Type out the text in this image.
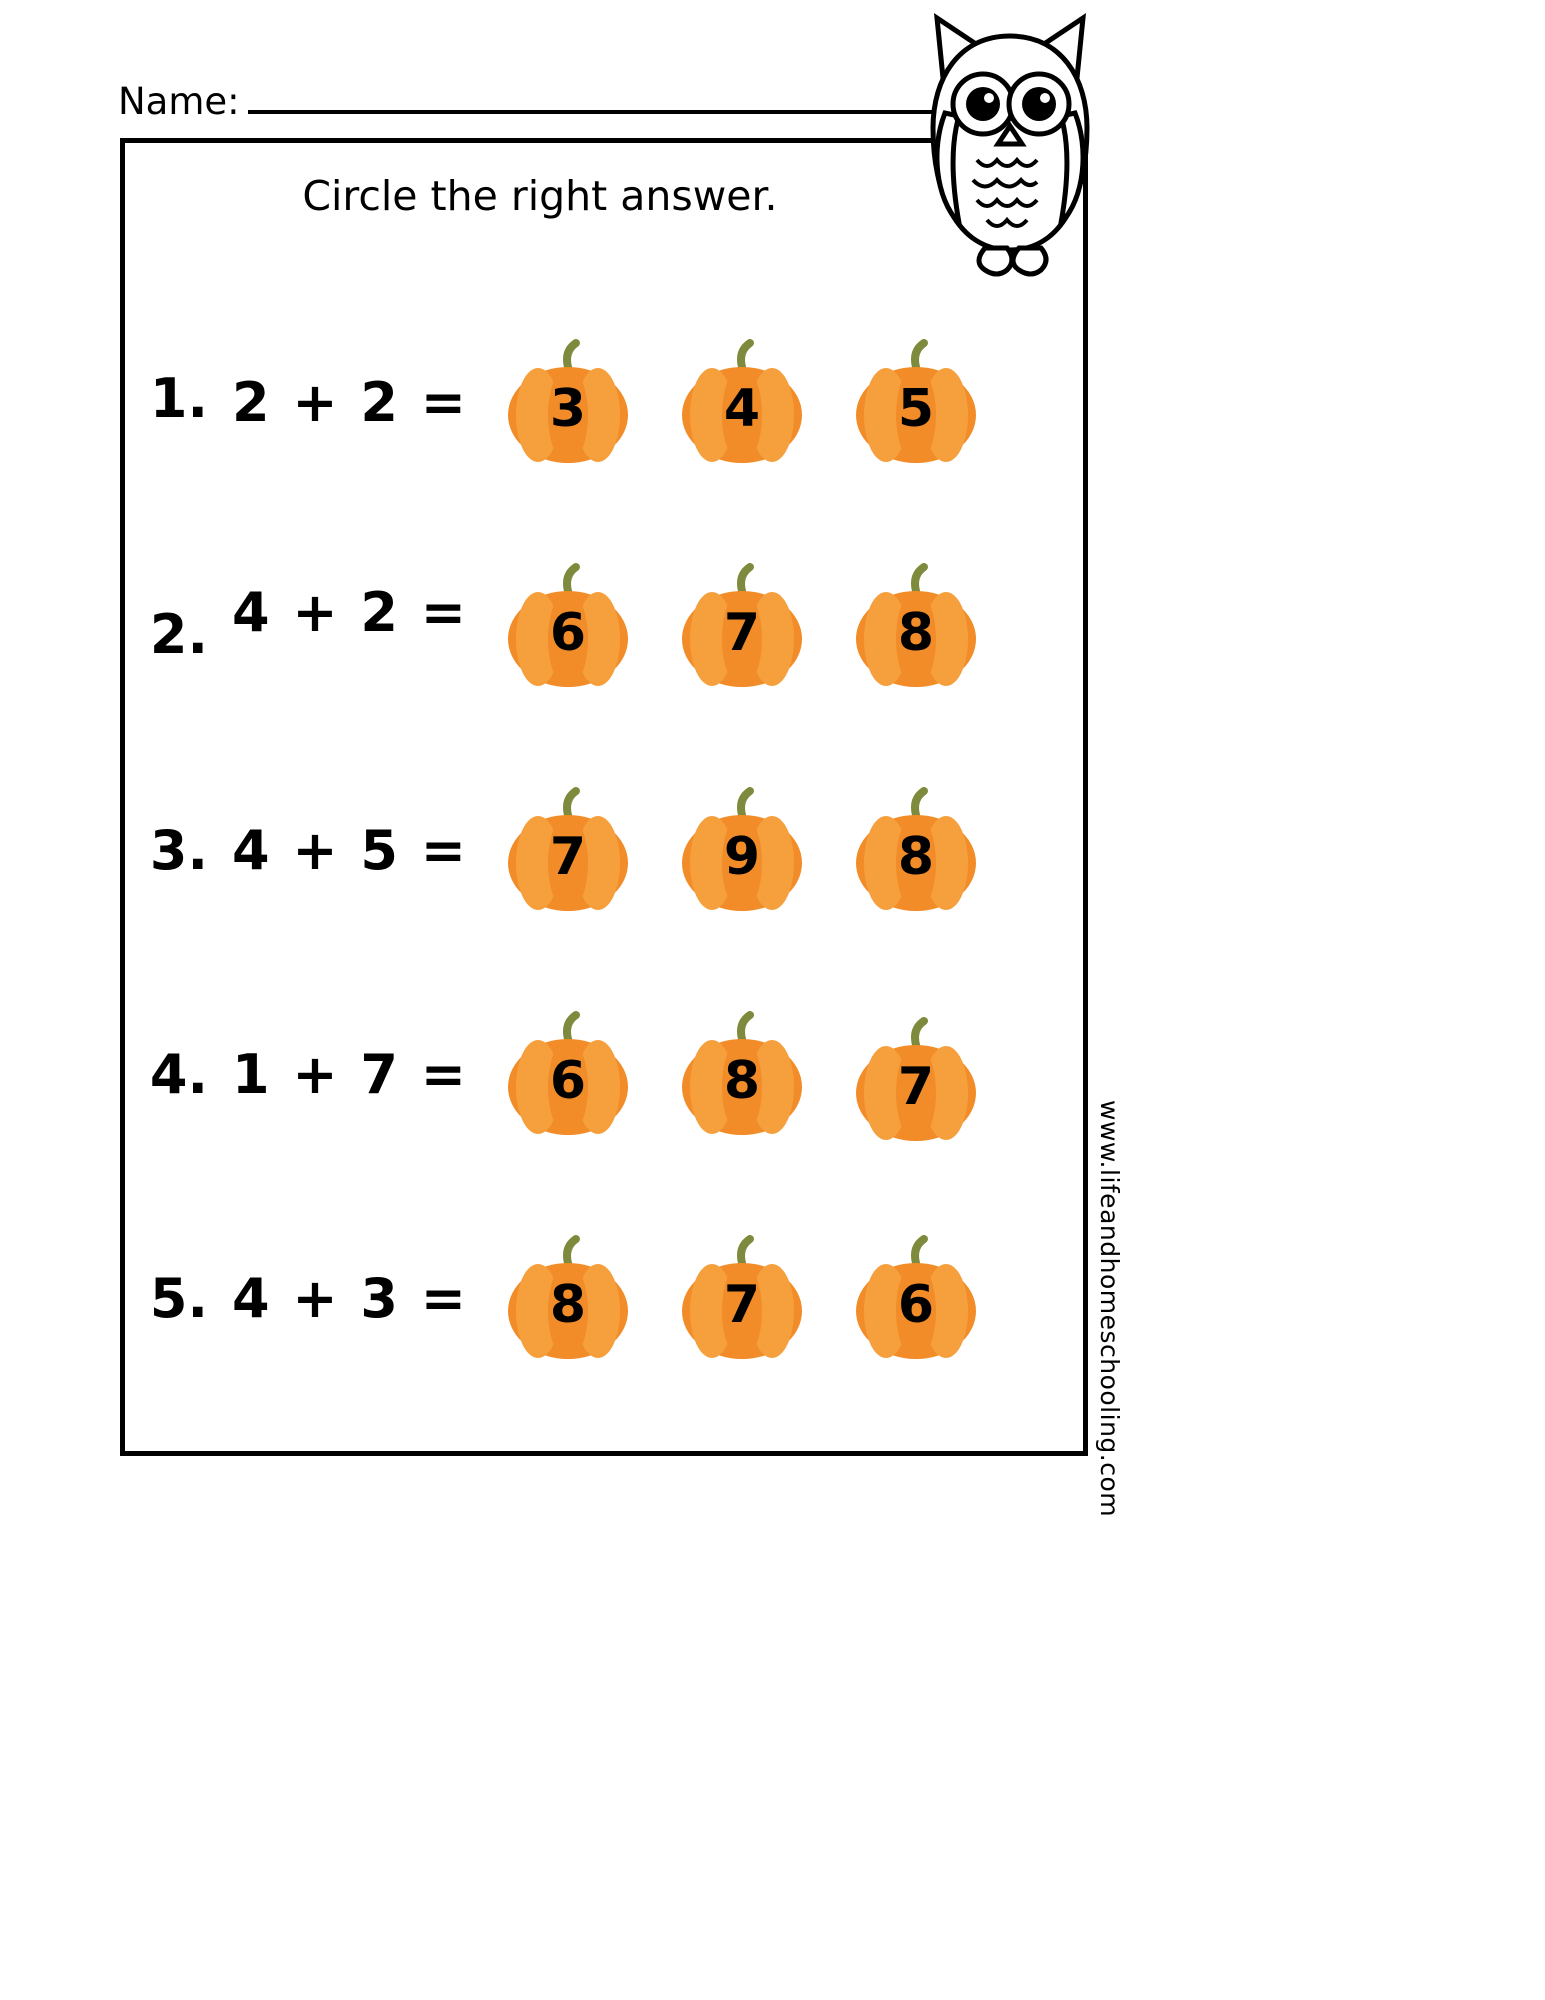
Name:
Circle the right answer.
1. 2 + 2 =	3	4	5
2. 4 + 2 =	6	7	8
3. 4 + 5 =	7	9	8
4. 1 + 7 =	6	8	7
5. 4 + 3 =	8	7	6	www.lifeandhomeschooling.com
